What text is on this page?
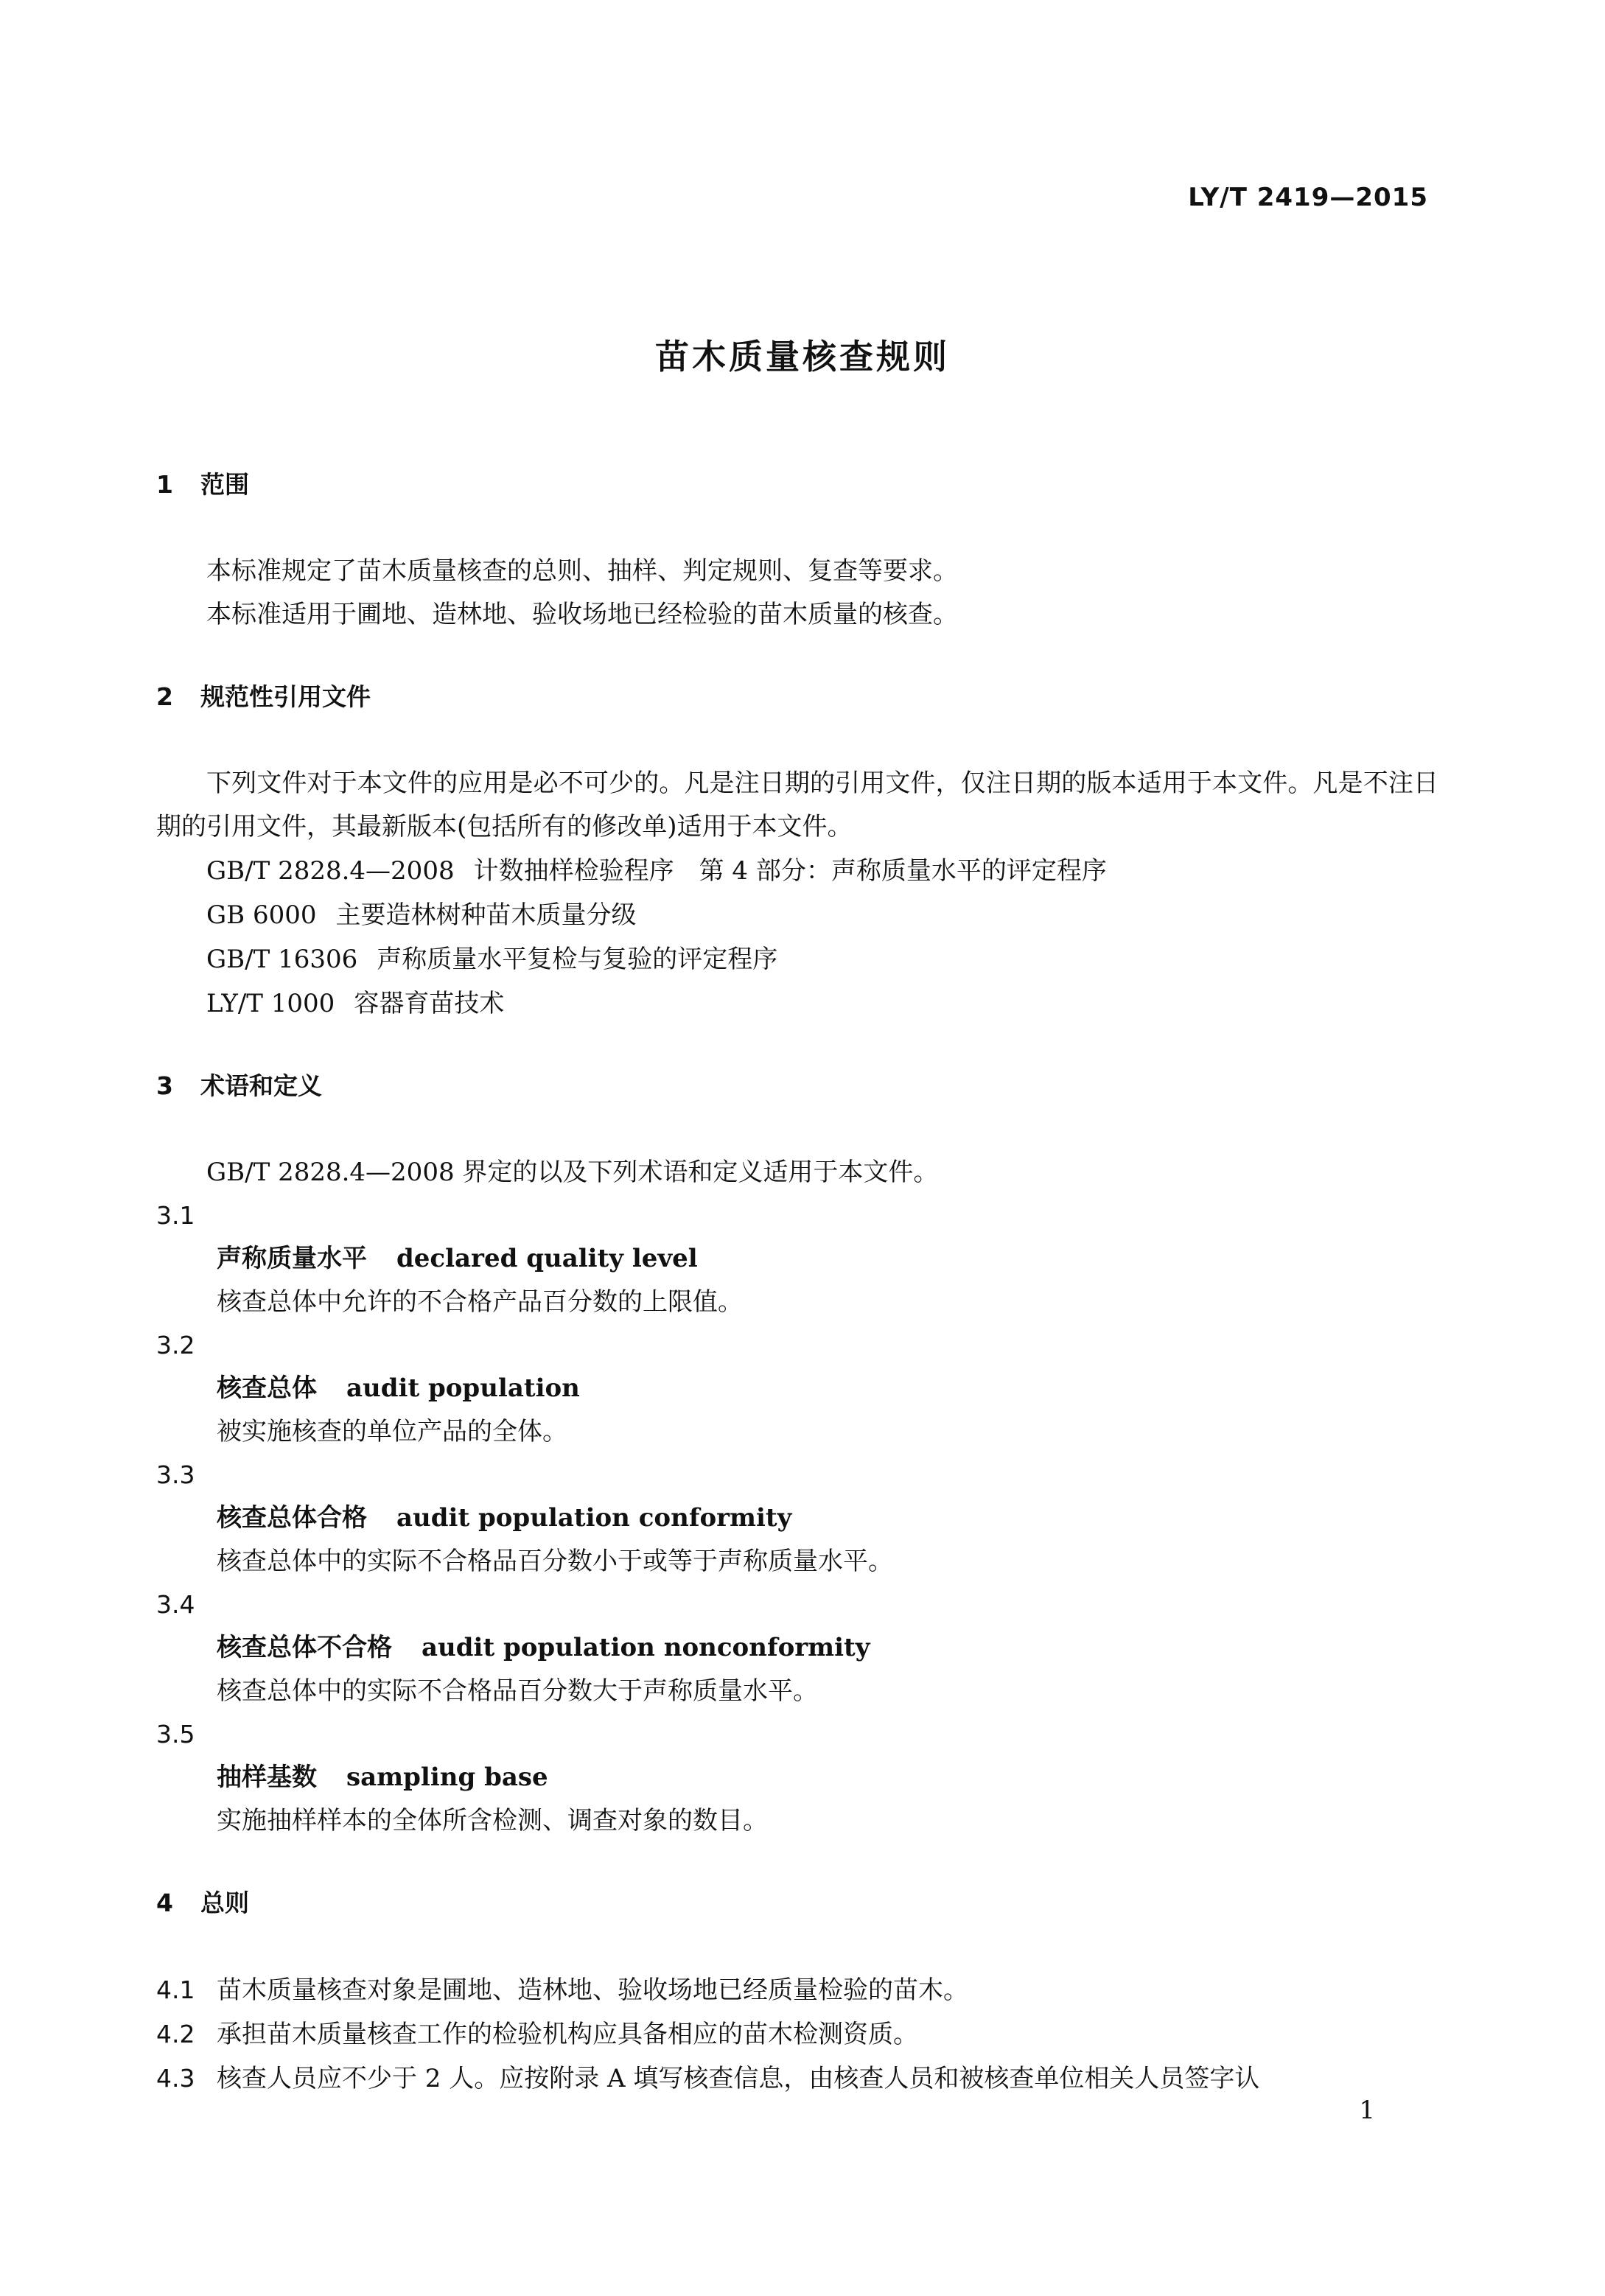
LY/T 2419—2015
苗木质量核查规则
1 范围

本标准规定了苗木质量核查的总则、抽样、判定规则、复查等要求。

本标准适用于圃地、造林地、验收场地已经检验的苗木质量的核查。

2 规范性引用文件

下列文件对于本文件的应用是必不可少的。凡是注日期的引用文件，仅注日期的版本适用于本文件。凡是不注日期的引用文件，其最新版本(包括所有的修改单)适用于本文件。

GB/T 2828.4—2008 计数抽样检验程序　第 4 部分：声称质量水平的评定程序

GB 6000 主要造林树种苗木质量分级

GB/T 16306 声称质量水平复检与复验的评定程序

LY/T 1000 容器育苗技术

3 术语和定义

GB/T 2828.4—2008 界定的以及下列术语和定义适用于本文件。

3.1

声称质量水平 declared quality level

核查总体中允许的不合格产品百分数的上限值。

3.2

核查总体 audit population

被实施核查的单位产品的全体。

3.3

核查总体合格 audit population conformity

核查总体中的实际不合格品百分数小于或等于声称质量水平。

3.4

核查总体不合格 audit population nonconformity

核查总体中的实际不合格品百分数大于声称质量水平。

3.5

抽样基数 sampling base

实施抽样样本的全体所含检测、调查对象的数目。

4 总则

4.1 苗木质量核查对象是圃地、造林地、验收场地已经质量检验的苗木。

4.2 承担苗木质量核查工作的检验机构应具备相应的苗木检测资质。

4.3 核查人员应不少于 2 人。应按附录 A 填写核查信息，由核查人员和被核查单位相关人员签字认

1
